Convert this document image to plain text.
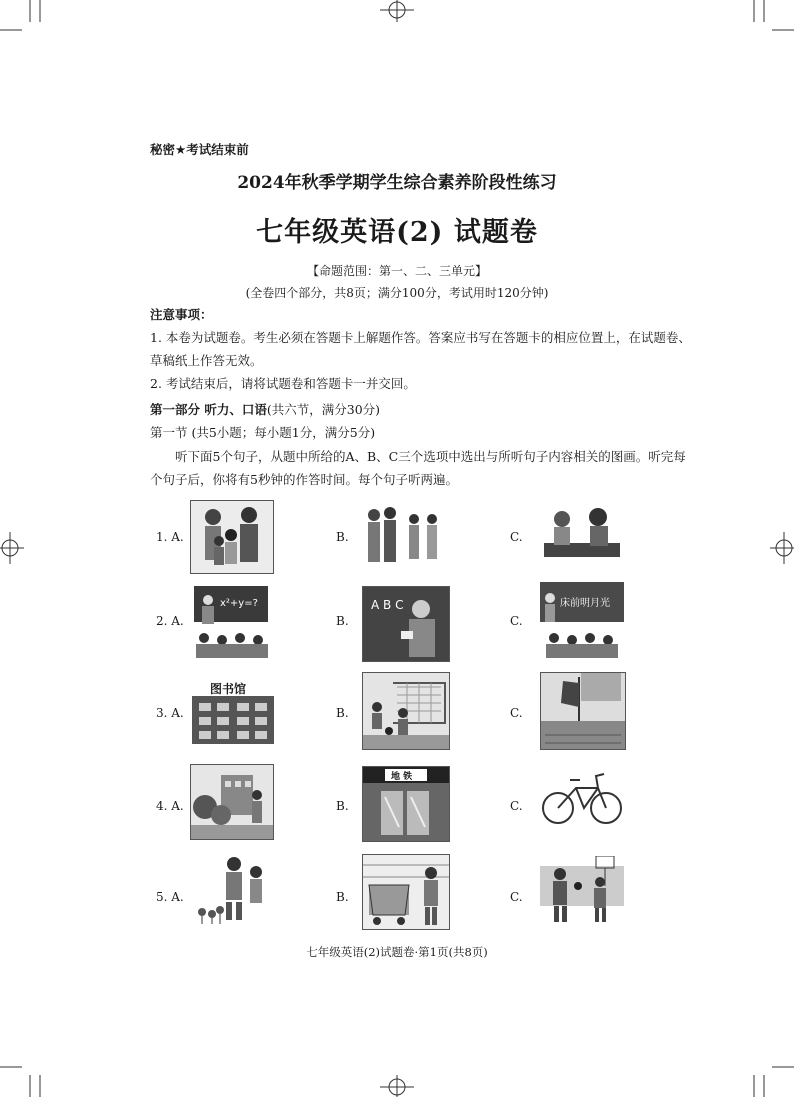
秘密★考试结束前
2024年秋季学期学生综合素养阶段性练习
七年级英语(2) 试题卷
【命题范围：第一、二、三单元】
(全卷四个部分，共8页；满分100分，考试用时120分钟)
注意事项：
1. 本卷为试题卷。考生必须在答题卡上解题作答。答案应书写在答题卡的相应位置上，在试题卷、草稿纸上作答无效。
2. 考试结束后，请将试题卷和答题卡一并交回。
第一部分 听力、口语(共六节，满分30分)
第一节 (共5小题；每小题1分，满分5分)
听下面5个句子，从题中所给的A、B、C三个选项中选出与所听句子内容相关的图画。听完每个句子后，你将有5秒钟的作答时间。每个句子听两遍。
1. A.	B.	C.
2. A.
x²+y=?
B.
A B C
C.
床前明月光
图书馆
3. A.	B.	C.
4. A.	B.
地 铁
C.
5. A.	B.	C.
七年级英语(2)试题卷·第1页(共8页)
